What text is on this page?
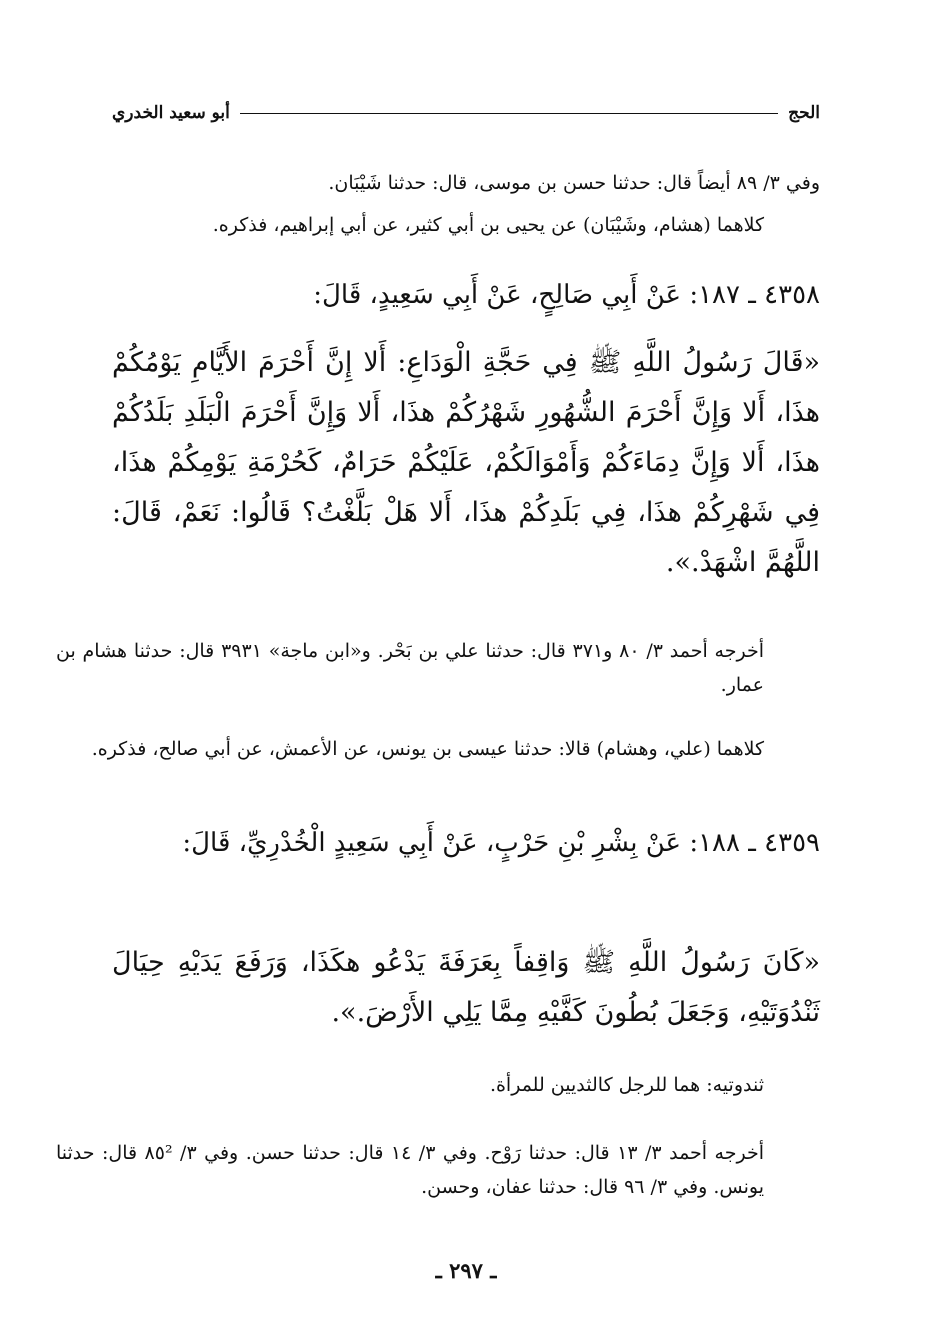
الحج
أبو سعيد الخدري

وفي ٣/ ٨٩ أيضاً قال: حدثنا حسن بن موسى، قال: حدثنا شَيْبَان.

كلاهما (هشام، وشَيْبَان) عن يحيى بن أبي كثير، عن أبي إبراهيم، فذكره.

٤٣٥٨ ـ ١٨٧: عَنْ أَبِي صَالِحٍ، عَنْ أَبِي سَعِيدٍ، قَالَ:

«قَالَ رَسُولُ اللَّهِ ﷺ فِي حَجَّةِ الْوَدَاعِ: أَلا إِنَّ أَحْرَمَ الأَيَّامِ يَوْمُكُمْ هذَا، أَلا وَإِنَّ أَحْرَمَ الشُّهُورِ شَهْرُكُمْ هذَا، أَلا وَإِنَّ أَحْرَمَ الْبَلَدِ بَلَدُكُمْ هذَا، أَلا وَإِنَّ دِمَاءَكُمْ وَأَمْوَالَكُمْ، عَلَيْكُمْ حَرَامٌ، كَحُرْمَةِ يَوْمِكُمْ هذَا، فِي شَهْرِكُمْ هذَا، فِي بَلَدِكُمْ هذَا، أَلا هَلْ بَلَّغْتُ؟ قَالُوا: نَعَمْ، قَالَ: اللَّهُمَّ اشْهَدْ.».

أخرجه أحمد ٣/ ٨٠ و٣٧١ قال: حدثنا علي بن بَحْر. و«ابن ماجة» ٣٩٣١ قال: حدثنا هشام بن عمار.

كلاهما (علي، وهشام) قالا: حدثنا عيسى بن يونس، عن الأعمش، عن أبي صالح، فذكره.

٤٣٥٩ ـ ١٨٨: عَنْ بِشْرِ بْنِ حَرْبٍ، عَنْ أَبِي سَعِيدٍ الْخُدْرِيِّ، قَالَ:

«كَانَ رَسُولُ اللَّهِ ﷺ وَاقِفاً بِعَرَفَةَ يَدْعُو هكَذَا، وَرَفَعَ يَدَيْهِ حِيَالَ ثَنْدُوَتَيْهِ، وَجَعَلَ بُطُونَ كَفَّيْهِ مِمَّا يَلِي الأَرْضَ.».

ثندوتيه: هما للرجل كالثديين للمرأة.

أخرجه أحمد ٣/ ١٣ قال: حدثنا رَوْح. وفي ٣/ ١٤ قال: حدثنا حسن. وفي ٣/ ٨٥² قال: حدثنا يونس. وفي ٣/ ٩٦ قال: حدثنا عفان، وحسن.

ـ ٢٩٧ ـ
